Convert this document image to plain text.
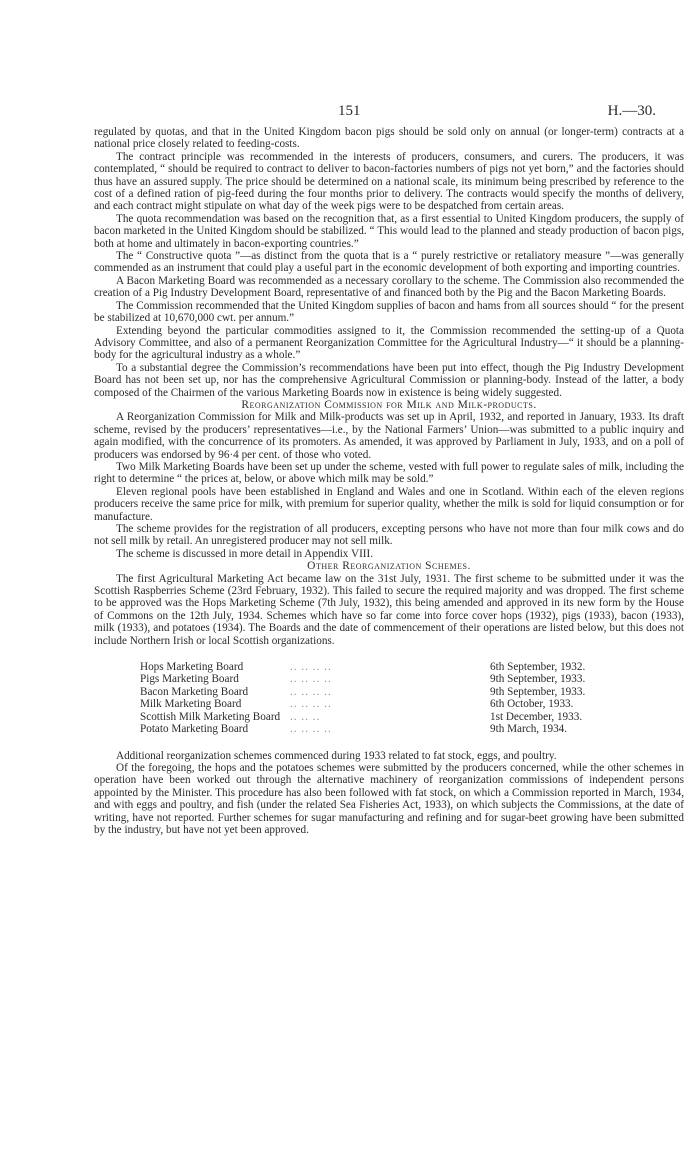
151	H.—30.

regulated by quotas, and that in the United Kingdom bacon pigs should be sold only on annual (or longer-term) contracts at a national price closely related to feeding-costs.

The contract principle was recommended in the interests of producers, consumers, and curers. The producers, it was contemplated, “ should be required to contract to deliver to bacon-factories numbers of pigs not yet born,” and the factories should thus have an assured supply. The price should be determined on a national scale, its minimum being prescribed by reference to the cost of a defined ration of pig-feed during the four months prior to delivery. The contracts would specify the months of delivery, and each contract might stipulate on what day of the week pigs were to be despatched from certain areas.

The quota recommendation was based on the recognition that, as a first essential to United Kingdom producers, the supply of bacon marketed in the United Kingdom should be stabilized. “ This would lead to the planned and steady production of bacon pigs, both at home and ultimately in bacon-exporting countries.”

The “ Constructive quota ”—as distinct from the quota that is a “ purely restrictive or retaliatory measure ”—was generally commended as an instrument that could play a useful part in the economic development of both exporting and importing countries.

A Bacon Marketing Board was recommended as a necessary corollary to the scheme. The Commission also recommended the creation of a Pig Industry Development Board, representative of and financed both by the Pig and the Bacon Marketing Boards.

The Commission recommended that the United Kingdom supplies of bacon and hams from all sources should “ for the present be stabilized at 10,670,000 cwt. per annum.”

Extending beyond the particular commodities assigned to it, the Commission recommended the setting-up of a Quota Advisory Committee, and also of a permanent Reorganization Committee for the Agricultural Industry—“ it should be a planning-body for the agricultural industry as a whole.”

To a substantial degree the Commission’s recommendations have been put into effect, though the Pig Industry Development Board has not been set up, nor has the comprehensive Agricultural Commission or planning-body. Instead of the latter, a body composed of the Chairmen of the various Marketing Boards now in existence is being widely suggested.

Reorganization Commission for Milk and Milk-products.

A Reorganization Commission for Milk and Milk-products was set up in April, 1932, and reported in January, 1933. Its draft scheme, revised by the producers’ representatives—i.e., by the National Farmers’ Union—was submitted to a public inquiry and again modified, with the concurrence of its promoters. As amended, it was approved by Parliament in July, 1933, and on a poll of producers was endorsed by 96·4 per cent. of those who voted.

Two Milk Marketing Boards have been set up under the scheme, vested with full power to regulate sales of milk, including the right to determine “ the prices at, below, or above which milk may be sold.”

Eleven regional pools have been established in England and Wales and one in Scotland. Within each of the eleven regions producers receive the same price for milk, with premium for superior quality, whether the milk is sold for liquid consumption or for manufacture.

The scheme provides for the registration of all producers, excepting persons who have not more than four milk cows and do not sell milk by retail. An unregistered producer may not sell milk.

The scheme is discussed in more detail in Appendix VIII.

Other Reorganization Schemes.

The first Agricultural Marketing Act became law on the 31st July, 1931. The first scheme to be submitted under it was the Scottish Raspberries Scheme (23rd February, 1932). This failed to secure the required majority and was dropped. The first scheme to be approved was the Hops Marketing Scheme (7th July, 1932), this being amended and approved in its new form by the House of Commons on the 12th July, 1934. Schemes which have so far come into force cover hops (1932), pigs (1933), bacon (1933), milk (1933), and potatoes (1934). The Boards and the date of commencement of their operations are listed below, but this does not include Northern Irish or local Scottish organizations.

Hops Marketing Board	.. .. .. ..	6th September, 1932.
Pigs Marketing Board	.. .. .. ..	9th September, 1933.
Bacon Marketing Board	.. .. .. ..	9th September, 1933.
Milk Marketing Board	.. .. .. ..	6th October, 1933.
Scottish Milk Marketing Board	.. .. ..	1st December, 1933.
Potato Marketing Board	.. .. .. ..	9th March, 1934.

Additional reorganization schemes commenced during 1933 related to fat stock, eggs, and poultry.

Of the foregoing, the hops and the potatoes schemes were submitted by the producers concerned, while the other schemes in operation have been worked out through the alternative machinery of reorganization commissions of independent persons appointed by the Minister. This procedure has also been followed with fat stock, on which a Commission reported in March, 1934, and with eggs and poultry, and fish (under the related Sea Fisheries Act, 1933), on which subjects the Commissions, at the date of writing, have not reported. Further schemes for sugar manufacturing and refining and for sugar-beet growing have been submitted by the industry, but have not yet been approved.
